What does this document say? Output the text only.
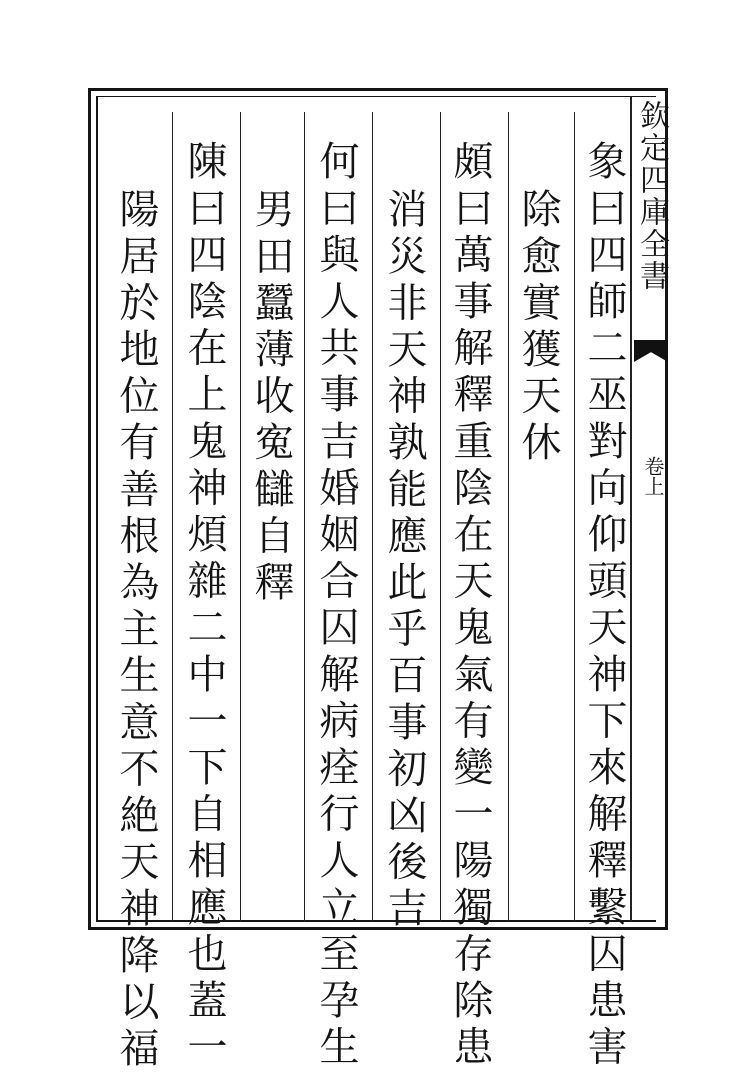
欽定四庫全書
卷上
象曰四師二巫對向仰頭天神下來解釋繫囚患害
除愈實獲天休
頗曰萬事解釋重陰在天鬼氣有變一陽獨存除患
消災非天神孰能應此乎百事初凶後吉
何曰與人共事吉婚姻合囚解病痊行人立至孕生
男田蠶薄收寃讎自釋
陳曰四陰在上鬼神煩雜二中一下自相應也蓋一
陽居於地位有善根為主生意不絶天神降以福
